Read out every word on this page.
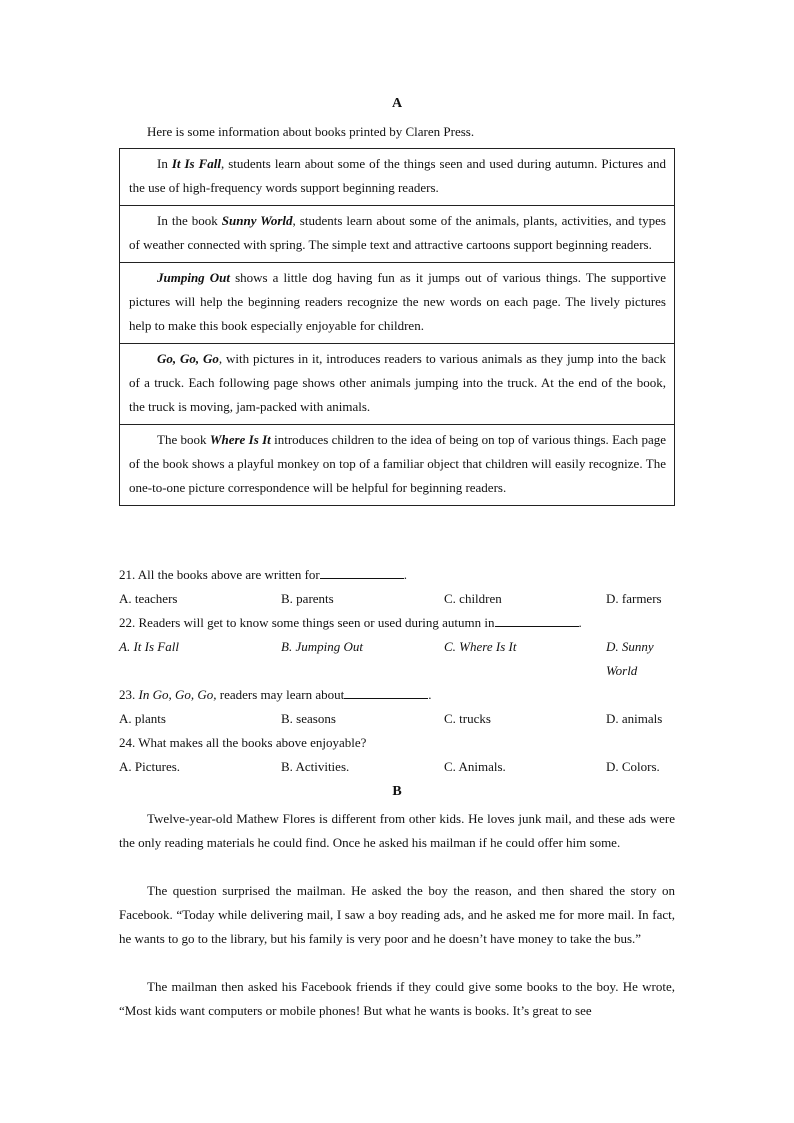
A
Here is some information about books printed by Claren Press.
In It Is Fall, students learn about some of the things seen and used during autumn. Pictures and the use of high-frequency words support beginning readers.
In the book Sunny World, students learn about some of the animals, plants, activities, and types of weather connected with spring. The simple text and attractive cartoons support beginning readers.
Jumping Out shows a little dog having fun as it jumps out of various things. The supportive pictures will help the beginning readers recognize the new words on each page. The lively pictures help to make this book especially enjoyable for children.
Go, Go, Go, with pictures in it, introduces readers to various animals as they jump into the back of a truck. Each following page shows other animals jumping into the truck. At the end of the book, the truck is moving, jam-packed with animals.
The book Where Is It introduces children to the idea of being on top of various things. Each page of the book shows a playful monkey on top of a familiar object that children will easily recognize. The one-to-one picture correspondence will be helpful for beginning readers.
21. All the books above are written for	.
A. teachers	B. parents	C. children	D. farmers
22. Readers will get to know some things seen or used during autumn in	.
A. It Is Fall	B. Jumping Out	C. Where Is It	D. Sunny World
23. In Go, Go, Go, readers may learn about	.
A. plants	B. seasons	C. trucks	D. animals
24. What makes all the books above enjoyable?
A. Pictures.	B. Activities.	C. Animals.	D. Colors.
B
Twelve-year-old Mathew Flores is different from other kids. He loves junk mail, and these ads were the only reading materials he could find. Once he asked his mailman if he could offer him some.
The question surprised the mailman. He asked the boy the reason, and then shared the story on Facebook. “Today while delivering mail, I saw a boy reading ads, and he asked me for more mail. In fact, he wants to go to the library, but his family is very poor and he doesn’t have money to take the bus.”
The mailman then asked his Facebook friends if they could give some books to the boy. He wrote, “Most kids want computers or mobile phones! But what he wants is books. It’s great to see
